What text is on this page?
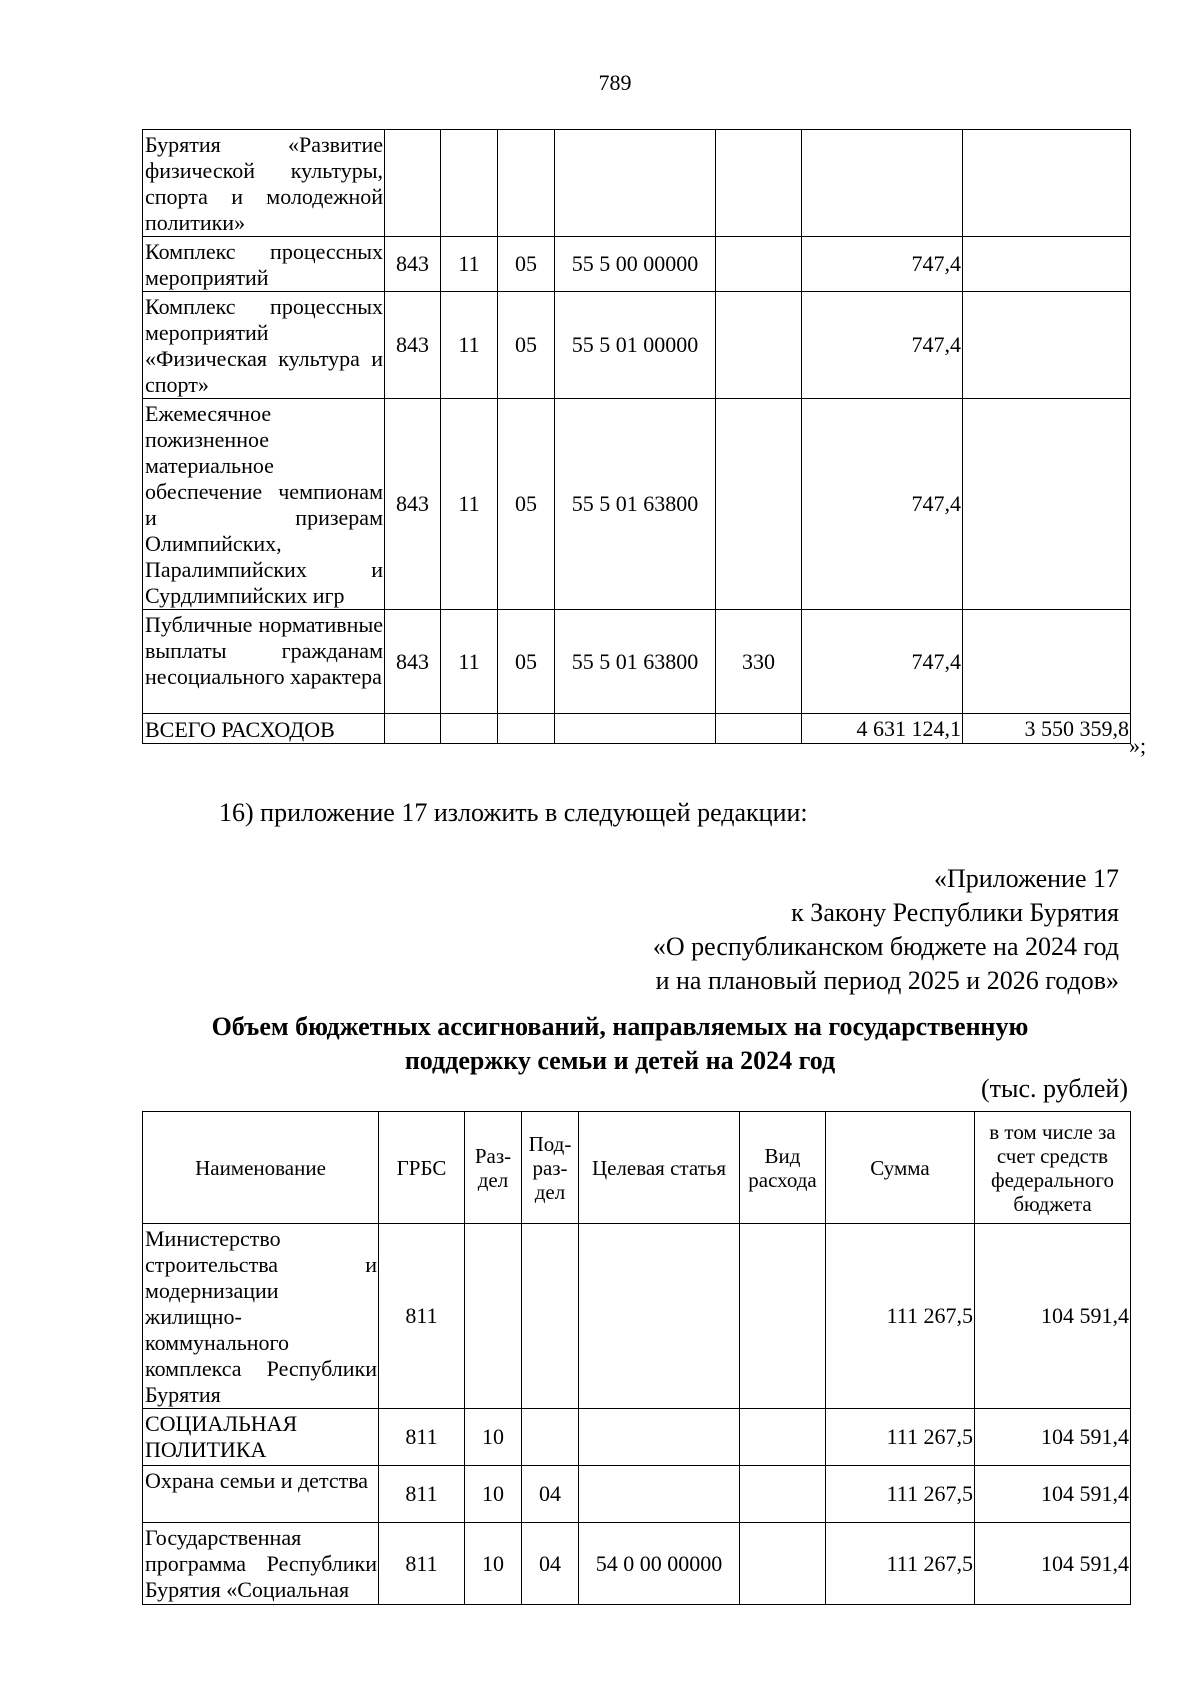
789
Бурятия «Развитие физической культуры, спорта и молодежной политики»							
Комплекс процессных мероприятий	843	11	05	55 5 00 00000		747,4	
Комплекс процессных мероприятий «Физическая культура и спорт»	843	11	05	55 5 01 00000		747,4	
Ежемесячное пожизненное материальное обеспечение чемпионам и призерам Олимпийских, Паралимпийских и Сурдлимпийских игр	843	11	05	55 5 01 63800		747,4	
Публичные нормативные выплаты гражданам несоциального характера	843	11	05	55 5 01 63800	330	747,4	
ВСЕГО РАСХОДОВ						4 631 124,1	3 550 359,8
»;
16) приложение 17 изложить в следующей редакции:
«Приложение 17
к Закону Республики Бурятия
«О республиканском бюджете на 2024 год
и на плановый период 2025 и 2026 годов»
Объем бюджетных ассигнований, направляемых на государственную
поддержку семьи и детей на 2024 год
(тыс. рублей)
Наименование	ГРБС	Раз-дел	Под-раз-дел	Целевая статья	Вид расхода	Сумма	в том числе за счет средств федерального бюджета
Министерство строительства и модернизации жилищно-коммунального комплекса Республики Бурятия	811					111 267,5	104 591,4
СОЦИАЛЬНАЯ ПОЛИТИКА	811	10				111 267,5	104 591,4
Охрана семьи и детства	811	10	04			111 267,5	104 591,4
Государственная программа Республики Бурятия «Социальная	811	10	04	54 0 00 00000		111 267,5	104 591,4
